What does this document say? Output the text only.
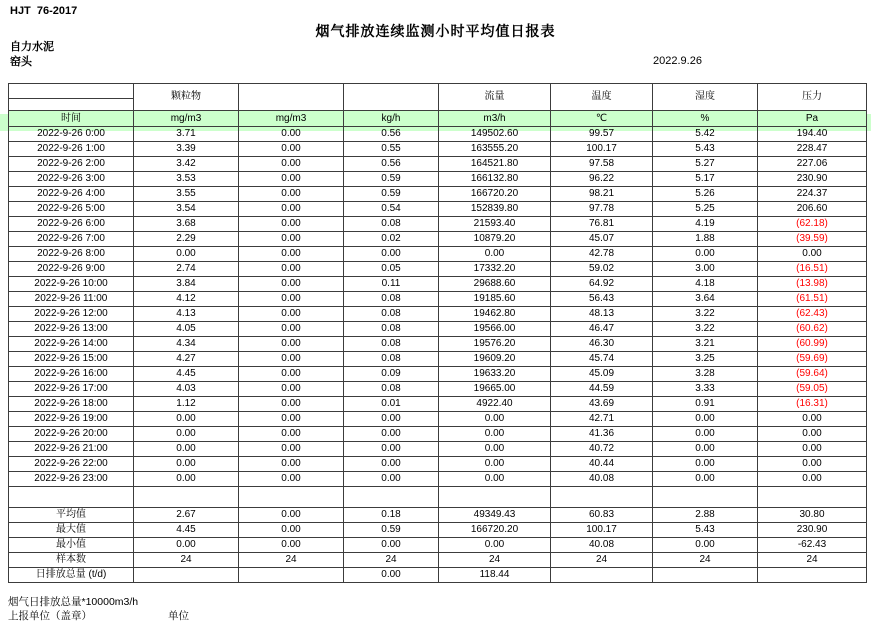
HJT  76-2017
烟气排放连续监测小时平均值日报表
自力水泥
窑头	2022.9.26
	颗粒物			流量	温度	湿度	压力

时间	mg/m3	mg/m3	kg/h	m3/h	℃	%	Pa
2022-9-26 0:00	3.71	0.00	0.56	149502.60	99.57	5.42	194.40
2022-9-26 1:00	3.39	0.00	0.55	163555.20	100.17	5.43	228.47
2022-9-26 2:00	3.42	0.00	0.56	164521.80	97.58	5.27	227.06
2022-9-26 3:00	3.53	0.00	0.59	166132.80	96.22	5.17	230.90
2022-9-26 4:00	3.55	0.00	0.59	166720.20	98.21	5.26	224.37
2022-9-26 5:00	3.54	0.00	0.54	152839.80	97.78	5.25	206.60
2022-9-26 6:00	3.68	0.00	0.08	21593.40	76.81	4.19	(62.18)
2022-9-26 7:00	2.29	0.00	0.02	10879.20	45.07	1.88	(39.59)
2022-9-26 8:00	0.00	0.00	0.00	0.00	42.78	0.00	0.00
2022-9-26 9:00	2.74	0.00	0.05	17332.20	59.02	3.00	(16.51)
2022-9-26 10:00	3.84	0.00	0.11	29688.60	64.92	4.18	(13.98)
2022-9-26 11:00	4.12	0.00	0.08	19185.60	56.43	3.64	(61.51)
2022-9-26 12:00	4.13	0.00	0.08	19462.80	48.13	3.22	(62.43)
2022-9-26 13:00	4.05	0.00	0.08	19566.00	46.47	3.22	(60.62)
2022-9-26 14:00	4.34	0.00	0.08	19576.20	46.30	3.21	(60.99)
2022-9-26 15:00	4.27	0.00	0.08	19609.20	45.74	3.25	(59.69)
2022-9-26 16:00	4.45	0.00	0.09	19633.20	45.09	3.28	(59.64)
2022-9-26 17:00	4.03	0.00	0.08	19665.00	44.59	3.33	(59.05)
2022-9-26 18:00	1.12	0.00	0.01	4922.40	43.69	0.91	(16.31)
2022-9-26 19:00	0.00	0.00	0.00	0.00	42.71	0.00	0.00
2022-9-26 20:00	0.00	0.00	0.00	0.00	41.36	0.00	0.00
2022-9-26 21:00	0.00	0.00	0.00	0.00	40.72	0.00	0.00
2022-9-26 22:00	0.00	0.00	0.00	0.00	40.44	0.00	0.00
2022-9-26 23:00	0.00	0.00	0.00	0.00	40.08	0.00	0.00

平均值	2.67	0.00	0.18	49349.43	60.83	2.88	30.80
最大值	4.45	0.00	0.59	166720.20	100.17	5.43	230.90
最小值	0.00	0.00	0.00	0.00	40.08	0.00	-62.43
样本数	24	24	24	24	24	24	24
日排放总量 (t/d)			0.00	118.44			
烟气日排放总量*10000m3/h
上报单位（盖章）	单位
